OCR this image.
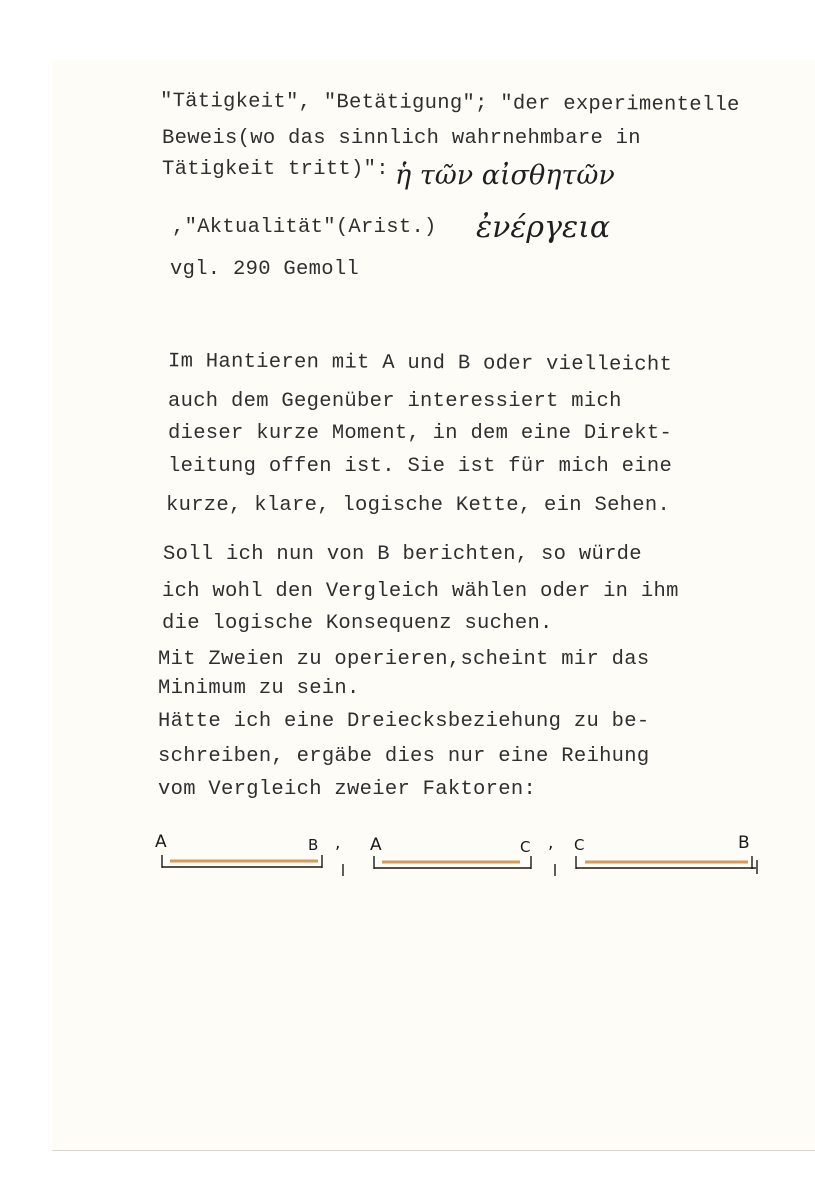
"Tätigkeit", "Betätigung"; "der experimentelle
Beweis(wo das sinnlich wahrnehmbare in
Tätigkeit tritt)": ἡ τῶν αἰσθητῶν
,"Aktualität"(Arist.) ἐνέργεια
vgl. 290 Gemoll
Im Hantieren mit A und B oder vielleicht
auch dem Gegenüber interessiert mich
dieser kurze Moment, in dem eine Direkt-
leitung offen ist. Sie ist für mich eine
kurze, klare, logische Kette, ein Sehen.
Soll ich nun von B berichten, so würde
ich wohl den Vergleich wählen oder in ihm
die logische Konsequenz suchen.
Mit Zweien zu operieren,scheint mir das
Minimum zu sein.
Hätte ich eine Dreiecksbeziehung zu be-
schreiben, ergäbe dies nur eine Reihung
vom Vergleich zweier Faktoren:
A	B , A	C , C	B
